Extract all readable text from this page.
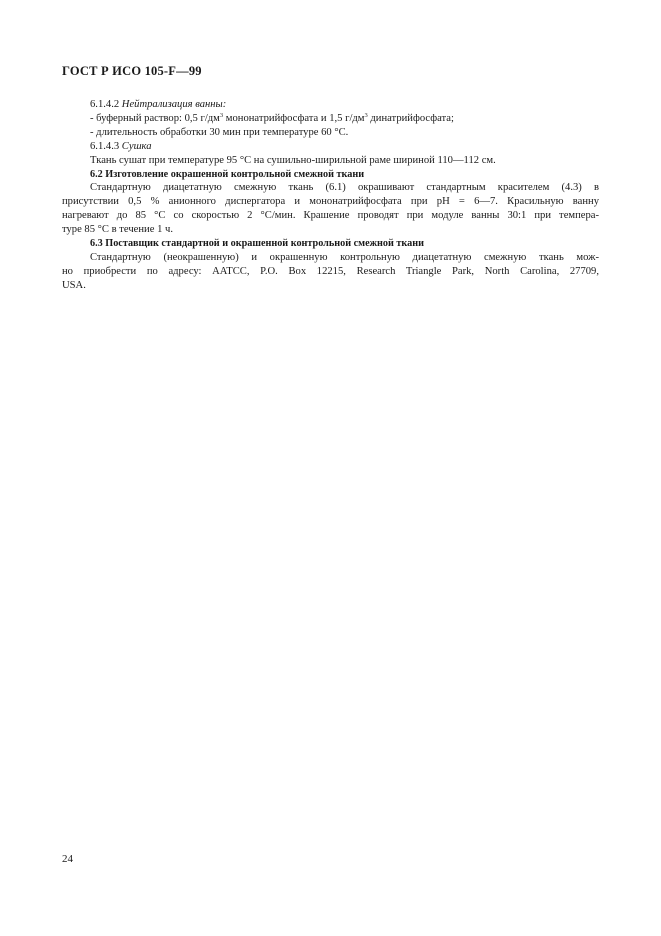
ГОСТ Р ИСО 105-F—99
6.1.4.2 Нейтрализация ванны:
- буферный раствор: 0,5 $г/дм^3$ мононатрийфосфата и 1,5 $г/дм^3$ динатрийфосфата;
- длительность обработки 30 мин при температуре 60 °С.
6.1.4.3 Сушка
Ткань сушат при температуре 95 °С на сушильно-ширильной раме шириной 110—112 см.
6.2 Изготовление окрашенной контрольной смежной ткани
Стандартную диацетатную смежную ткань (6.1) окрашивают стандартным красителем (4.3) в
присутствии 0,5 % анионного диспергатора и мононатрийфосфата при pH = 6—7. Красильную ванну
нагревают до 85 °С со скоростью 2 °С/мин. Крашение проводят при модуле ванны 30:1 при темпера-
туре 85 °С в течение 1 ч.
6.3 Поставщик стандартной и окрашенной контрольной смежной ткани
Стандартную (неокрашенную) и окрашенную контрольную диацетатную смежную ткань мож-
но приобрести по адресу: AATCC, P.O. Box 12215, Research Triangle Park, North Carolina, 27709,
USA.
24
